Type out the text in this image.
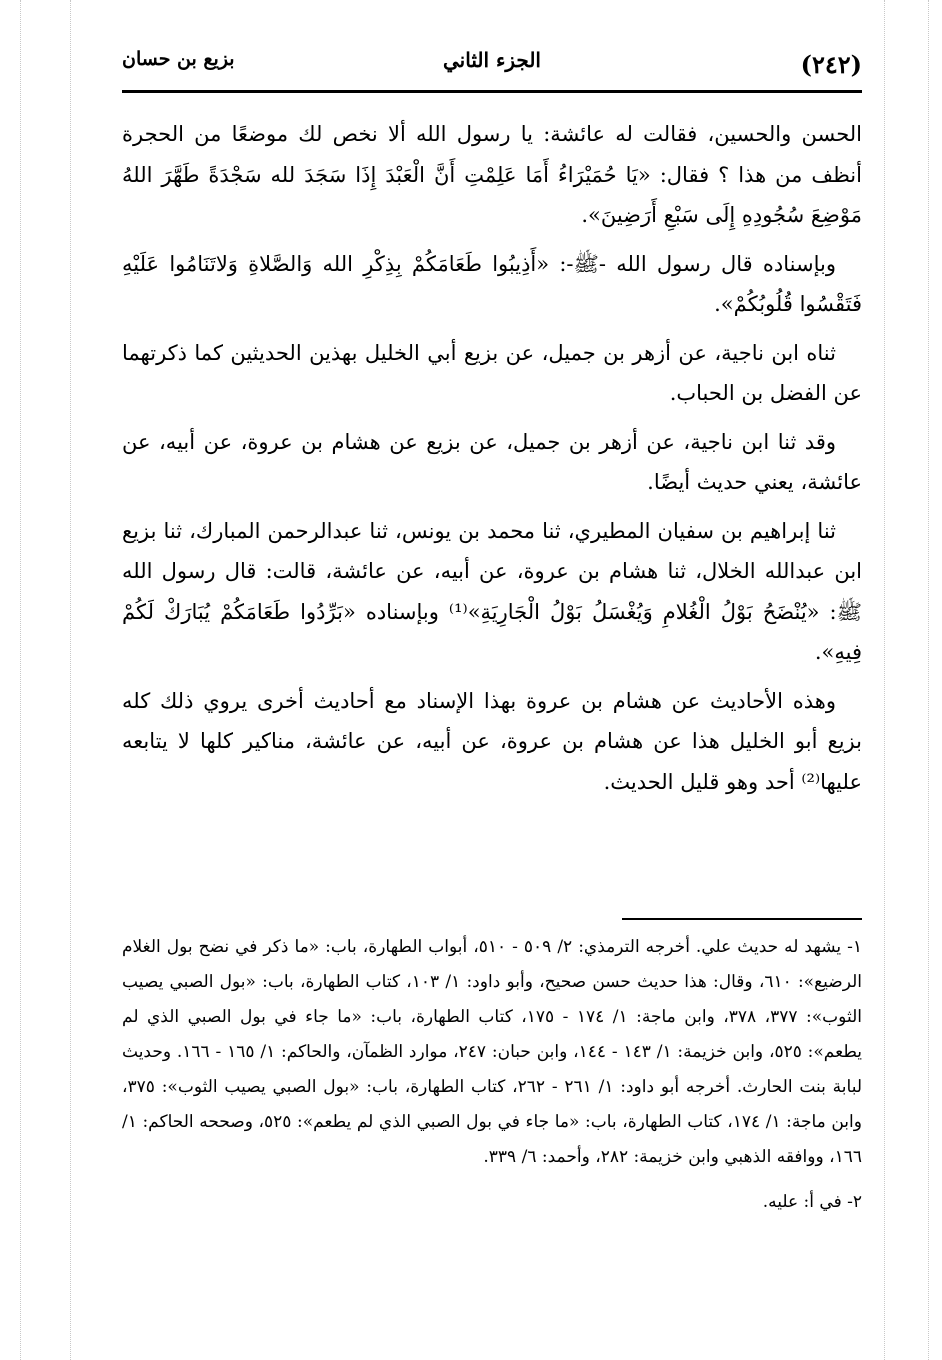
(٢٤٢)
الجزء الثاني
بزيع بن حسان

الحسن والحسين، فقالت له عائشة: يا رسول الله ألا نخص لك موضعًا من الحجرة أنظف من هذا ؟ فقال: «يَا حُمَيْرَاءُ أَمَا عَلِمْتِ أَنَّ الْعَبْدَ إِذَا سَجَدَ لله سَجْدَةً طَهَّرَ اللهُ مَوْضِعَ سُجُودِهِ إِلَى سَبْعِ أَرَضِينَ».

وبإسناده قال رسول الله -ﷺ-: «أَذِيبُوا طَعَامَكُمْ بِذِكْرِ الله وَالصَّلاةِ وَلاتَنَامُوا عَلَيْهِ فَتَقْسُوا قُلُوبُكُمْ».

ثناه ابن ناجية، عن أزهر بن جميل، عن بزيع أبي الخليل بهذين الحديثين كما ذكرتهما عن الفضل بن الحباب.

وقد ثنا ابن ناجية، عن أزهر بن جميل، عن بزيع عن هشام بن عروة، عن أبيه، عن عائشة، يعني حديث أيضًا.

ثنا إبراهيم بن سفيان المطيري، ثنا محمد بن يونس، ثنا عبدالرحمن المبارك، ثنا بزيع ابن عبدالله الخلال، ثنا هشام بن عروة، عن أبيه، عن عائشة، قالت: قال رسول الله ﷺ: «يُنْضَحُ بَوْلُ الْغُلامِ وَيُغْسَلُ بَوْلُ الْجَارِيَةِ»⁽¹⁾ وبإسناده «بَرِّدُوا طَعَامَكُمْ يُبَارَكْ لَكُمْ فِيهِ».

وهذه الأحاديث عن هشام بن عروة بهذا الإسناد مع أحاديث أخرى يروي ذلك كله بزيع أبو الخليل هذا عن هشام بن عروة، عن أبيه، عن عائشة، مناكير كلها لا يتابعه عليها⁽²⁾ أحد وهو قليل الحديث.

١- يشهد له حديث علي. أخرجه الترمذي: ٢/ ٥٠٩ - ٥١٠، أبواب الطهارة، باب: «ما ذكر في نضح بول الغلام الرضيع»: ٦١٠، وقال: هذا حديث حسن صحيح، وأبو داود: ١/ ١٠٣، كتاب الطهارة، باب: «بول الصبي يصيب الثوب»: ٣٧٧، ٣٧٨، وابن ماجة: ١/ ١٧٤ - ١٧٥، كتاب الطهارة، باب: «ما جاء في بول الصبي الذي لم يطعم»: ٥٢٥، وابن خزيمة: ١/ ١٤٣ - ١٤٤، وابن حبان: ٢٤٧، موارد الظمآن، والحاكم: ١/ ١٦٥ - ١٦٦. وحديث لبابة بنت الحارث. أخرجه أبو داود: ١/ ٢٦١ - ٢٦٢، كتاب الطهارة، باب: «بول الصبي يصيب الثوب»: ٣٧٥، وابن ماجة: ١/ ١٧٤، كتاب الطهارة، باب: «ما جاء في بول الصبي الذي لم يطعم»: ٥٢٥، وصححه الحاكم: ١/ ١٦٦، ووافقه الذهبي وابن خزيمة: ٢٨٢، وأحمد: ٦/ ٣٣٩.

٢- في أ: عليه.
